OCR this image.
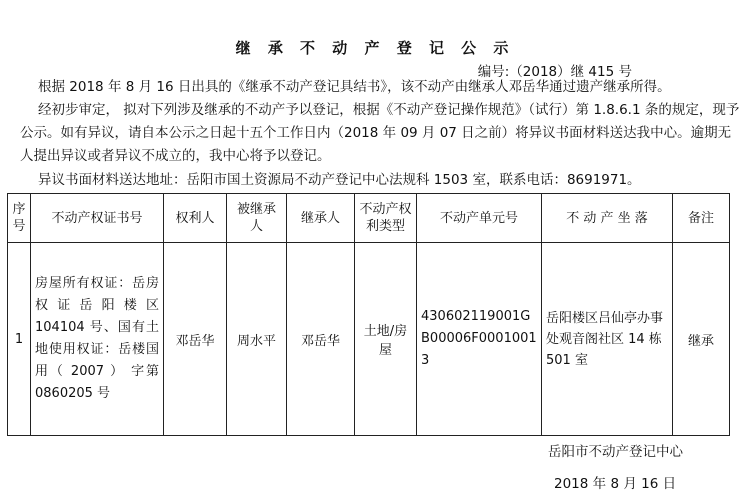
继 承 不 动 产 登 记 公 示
编号:（2018）继 415 号
根据 2018 年 8 月 16 日出具的《继承不动产登记具结书》，该不动产由继承人邓岳华通过遗产继承所得。
经初步审定， 拟对下列涉及继承的不动产予以登记，根据《不动产登记操作规范》（试行）第 1.8.6.1 条的规定，现予公示。如有异议，请自本公示之日起十五个工作日内（2018 年 09 月 07 日之前）将异议书面材料送达我中心。逾期无人提出异议或者异议不成立的，我中心将予以登记。
异议书面材料送达地址：岳阳市国土资源局不动产登记中心法规科 1503 室，联系电话：8691971。
序号	不动产权证书号	权利人	被继承人	继承人	不动产权利类型	不动产单元号	不 动 产 坐 落	备注
1	房屋所有权证：岳房权证岳阳楼区 104104 号、国有土地使用权证：岳楼国用（ 2007 ） 字第 0860205 号	邓岳华	周水平	邓岳华	土地/房屋	430602119001GB00006F00010013	岳阳楼区吕仙亭办事处观音阁社区 14 栋 501 室	继承
岳阳市不动产登记中心
2018 年 8 月 16 日
